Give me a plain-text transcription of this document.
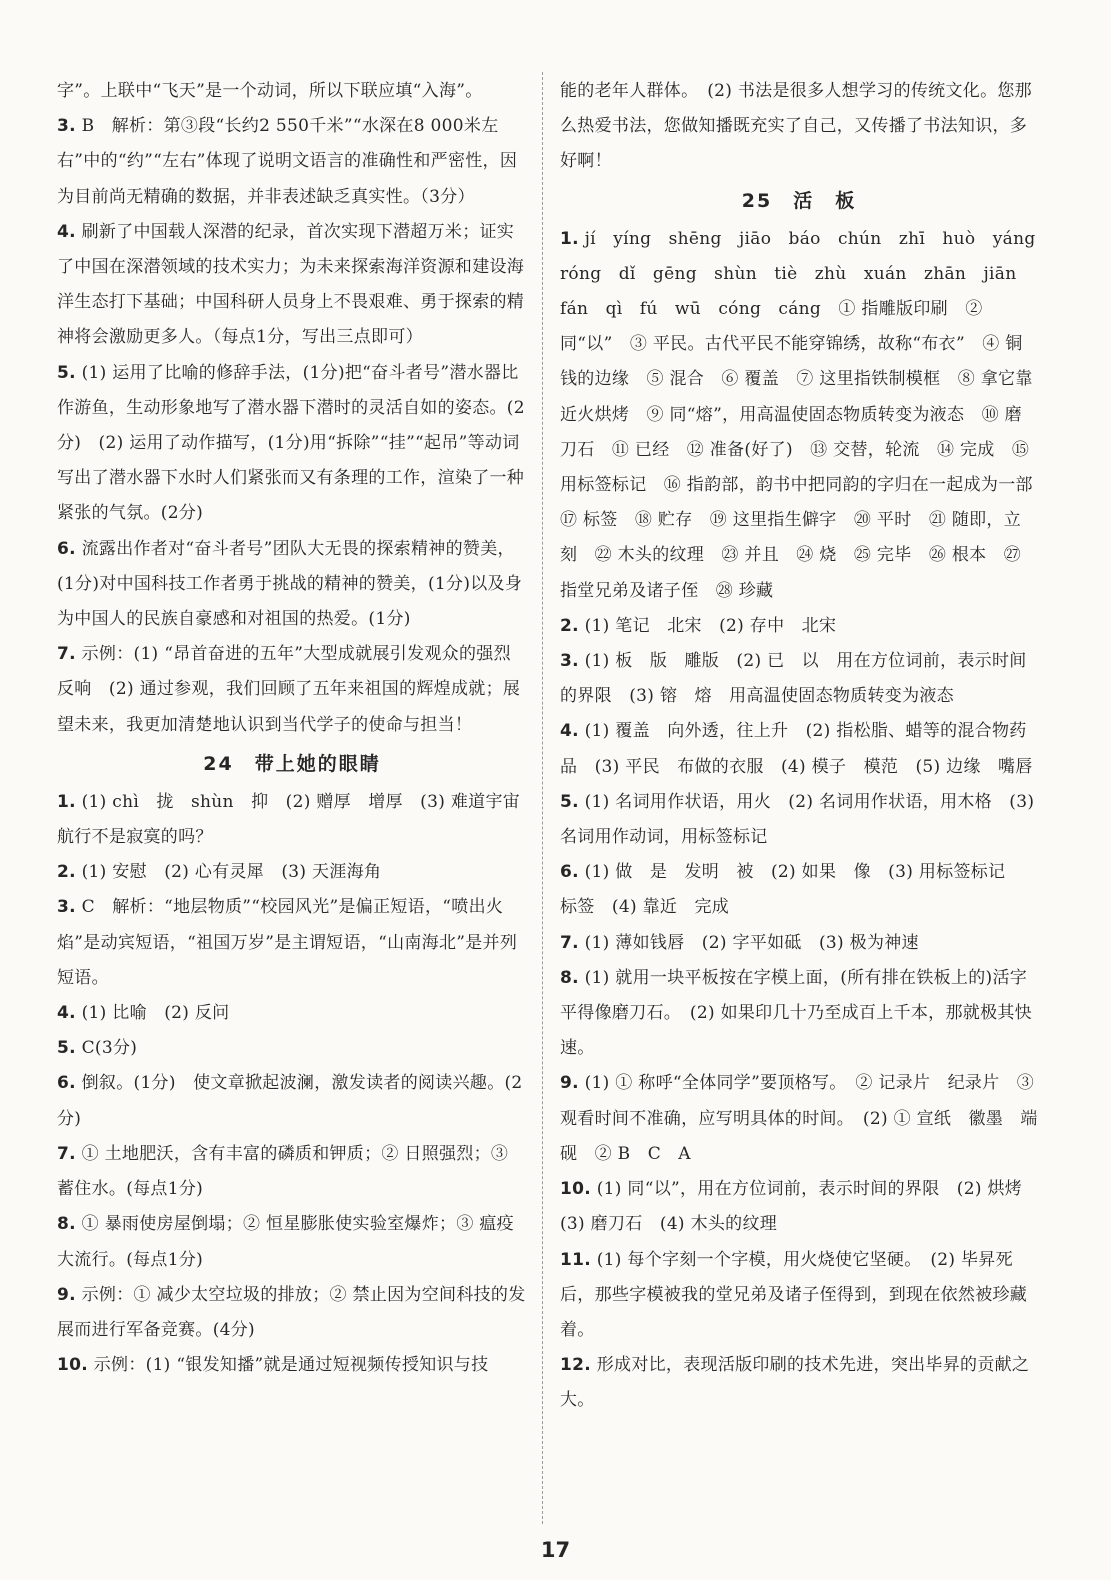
字”。上联中“飞天”是一个动词，所以下联应填“入海”。

3. B　解析：第③段“长约2 550千米”“水深在8 000米左右”中的“约”“左右”体现了说明文语言的准确性和严密性，因为目前尚无精确的数据，并非表述缺乏真实性。（3分）

4. 刷新了中国载人深潜的纪录，首次实现下潜超万米；证实了中国在深潜领域的技术实力；为未来探索海洋资源和建设海洋生态打下基础；中国科研人员身上不畏艰难、勇于探索的精神将会激励更多人。（每点1分，写出三点即可）

5. (1) 运用了比喻的修辞手法，(1分)把“奋斗者号”潜水器比作游鱼，生动形象地写了潜水器下潜时的灵活自如的姿态。(2分)　(2) 运用了动作描写，(1分)用“拆除”“挂”“起吊”等动词写出了潜水器下水时人们紧张而又有条理的工作，渲染了一种紧张的气氛。(2分)

6. 流露出作者对“奋斗者号”团队大无畏的探索精神的赞美，(1分)对中国科技工作者勇于挑战的精神的赞美，(1分)以及身为中国人的民族自豪感和对祖国的热爱。(1分)

7. 示例：(1) “昂首奋进的五年”大型成就展引发观众的强烈反响　(2) 通过参观，我们回顾了五年来祖国的辉煌成就；展望未来，我更加清楚地认识到当代学子的使命与担当！

24　带上她的眼睛

1. (1) chì　拢　shùn　抑　(2) 赠厚　增厚　(3) 难道宇宙航行不是寂寞的吗？

2. (1) 安慰　(2) 心有灵犀　(3) 天涯海角

3. C　解析：“地层物质”“校园风光”是偏正短语，“喷出火焰”是动宾短语，“祖国万岁”是主谓短语，“山南海北”是并列短语。

4. (1) 比喻　(2) 反问

5. C(3分)

6. 倒叙。(1分)　使文章掀起波澜，激发读者的阅读兴趣。(2分)

7. ① 土地肥沃，含有丰富的磷质和钾质；② 日照强烈；③ 蓄住水。(每点1分)

8. ① 暴雨使房屋倒塌；② 恒星膨胀使实验室爆炸；③ 瘟疫大流行。(每点1分)

9. 示例：① 减少太空垃圾的排放；② 禁止因为空间科技的发展而进行军备竞赛。(4分)

10. 示例：(1) “银发知播”就是通过短视频传授知识与技

能的老年人群体。　(2) 书法是很多人想学习的传统文化。您那么热爱书法，您做知播既充实了自己，又传播了书法知识，多好啊！

25　活　板

1. jí　yíng　shēng　jiāo　báo　chún　zhī　huò　yáng　róng　dǐ　gēng　shùn　tiè　zhù　xuán　zhān　jiān　fán　qì　fú　wū　cóng　cáng　① 指雕版印刷　② 同“以”　③ 平民。古代平民不能穿锦绣，故称“布衣”　④ 铜钱的边缘　⑤ 混合　⑥ 覆盖　⑦ 这里指铁制模框　⑧ 拿它靠近火烘烤　⑨ 同“熔”，用高温使固态物质转变为液态　⑩ 磨刀石　⑪ 已经　⑫ 准备(好了)　⑬ 交替，轮流　⑭ 完成　⑮ 用标签标记　⑯ 指韵部，韵书中把同韵的字归在一起成为一部　⑰ 标签　⑱ 贮存　⑲ 这里指生僻字　⑳ 平时　㉑ 随即，立刻　㉒ 木头的纹理　㉓ 并且　㉔ 烧　㉕ 完毕　㉖ 根本　㉗ 指堂兄弟及诸子侄　㉘ 珍藏

2. (1) 笔记　北宋　(2) 存中　北宋

3. (1) 板　版　雕版　(2) 已　以　用在方位词前，表示时间的界限　(3) 镕　熔　用高温使固态物质转变为液态

4. (1) 覆盖　向外透，往上升　(2) 指松脂、蜡等的混合物药品　(3) 平民　布做的衣服　(4) 模子　模范　(5) 边缘　嘴唇

5. (1) 名词用作状语，用火　(2) 名词用作状语，用木格　(3) 名词用作动词，用标签标记

6. (1) 做　是　发明　被　(2) 如果　像　(3) 用标签标记　标签　(4) 靠近　完成

7. (1) 薄如钱唇　(2) 字平如砥　(3) 极为神速

8. (1) 就用一块平板按在字模上面，(所有排在铁板上的)活字平得像磨刀石。　(2) 如果印几十乃至成百上千本，那就极其快速。

9. (1) ① 称呼“全体同学”要顶格写。　② 记录片　纪录片　③ 观看时间不准确，应写明具体的时间。　(2) ① 宣纸　徽墨　端砚　② B　C　A

10. (1) 同“以”，用在方位词前，表示时间的界限　(2) 烘烤　(3) 磨刀石　(4) 木头的纹理

11. (1) 每个字刻一个字模，用火烧使它坚硬。　(2) 毕昇死后，那些字模被我的堂兄弟及诸子侄得到，到现在依然被珍藏着。

12. 形成对比，表现活版印刷的技术先进，突出毕昇的贡献之大。

17
